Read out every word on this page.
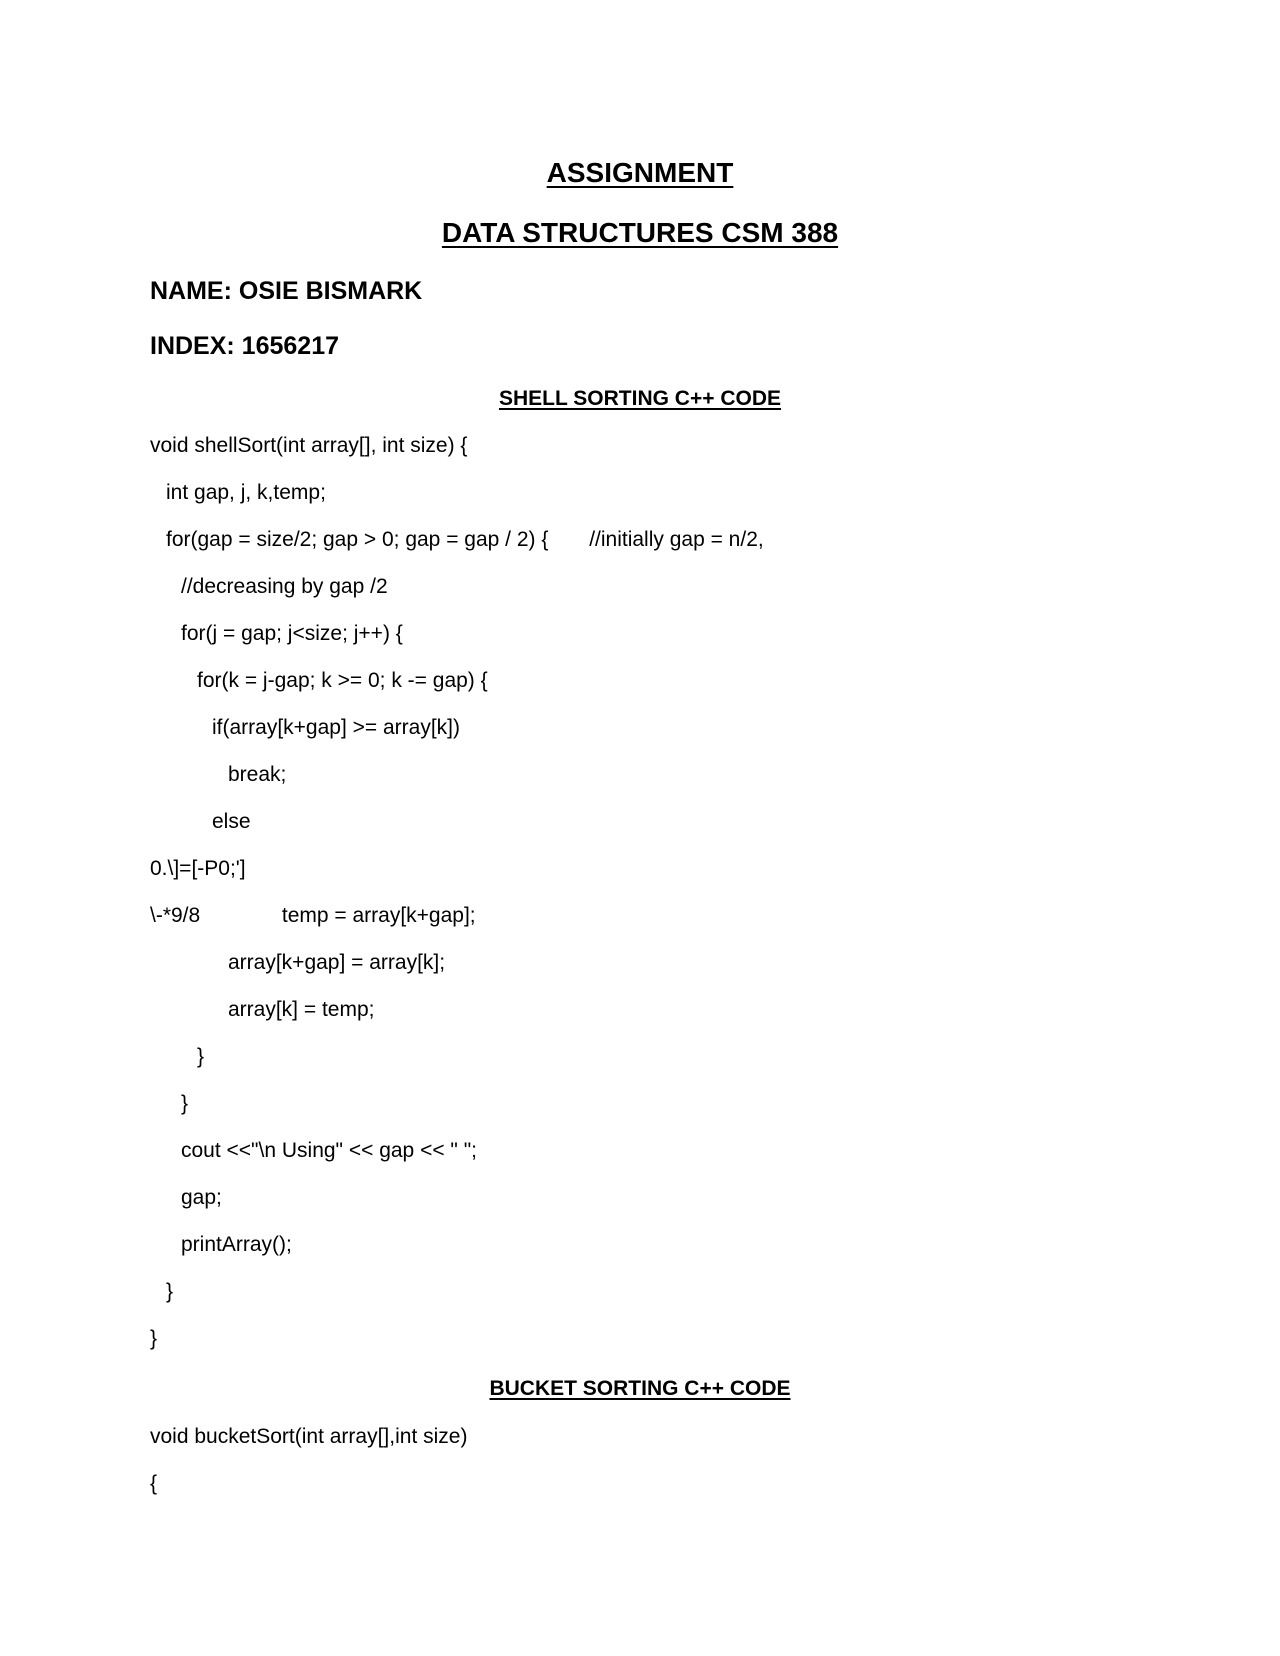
ASSIGNMENT
DATA STRUCTURES CSM 388

NAME: OSIE BISMARK

INDEX: 1656217

SHELL SORTING C++ CODE

void shellSort(int array[], int size) {

int gap, j, k,temp;

for(gap = size/2; gap > 0; gap = gap / 2) {       //initially gap = n/2,

//decreasing by gap /2

for(j = gap; j<size; j++) {

for(k = j-gap; k >= 0; k -= gap) {

if(array[k+gap] >= array[k])

break;

else

0.\]=[-P0;']

\-*9/8              temp = array[k+gap];

array[k+gap] = array[k];

array[k] = temp;

}

}

cout <<"\n Using" << gap << " ";

gap;

printArray();

}

}

BUCKET SORTING C++ CODE

void bucketSort(int array[],int size)

{
